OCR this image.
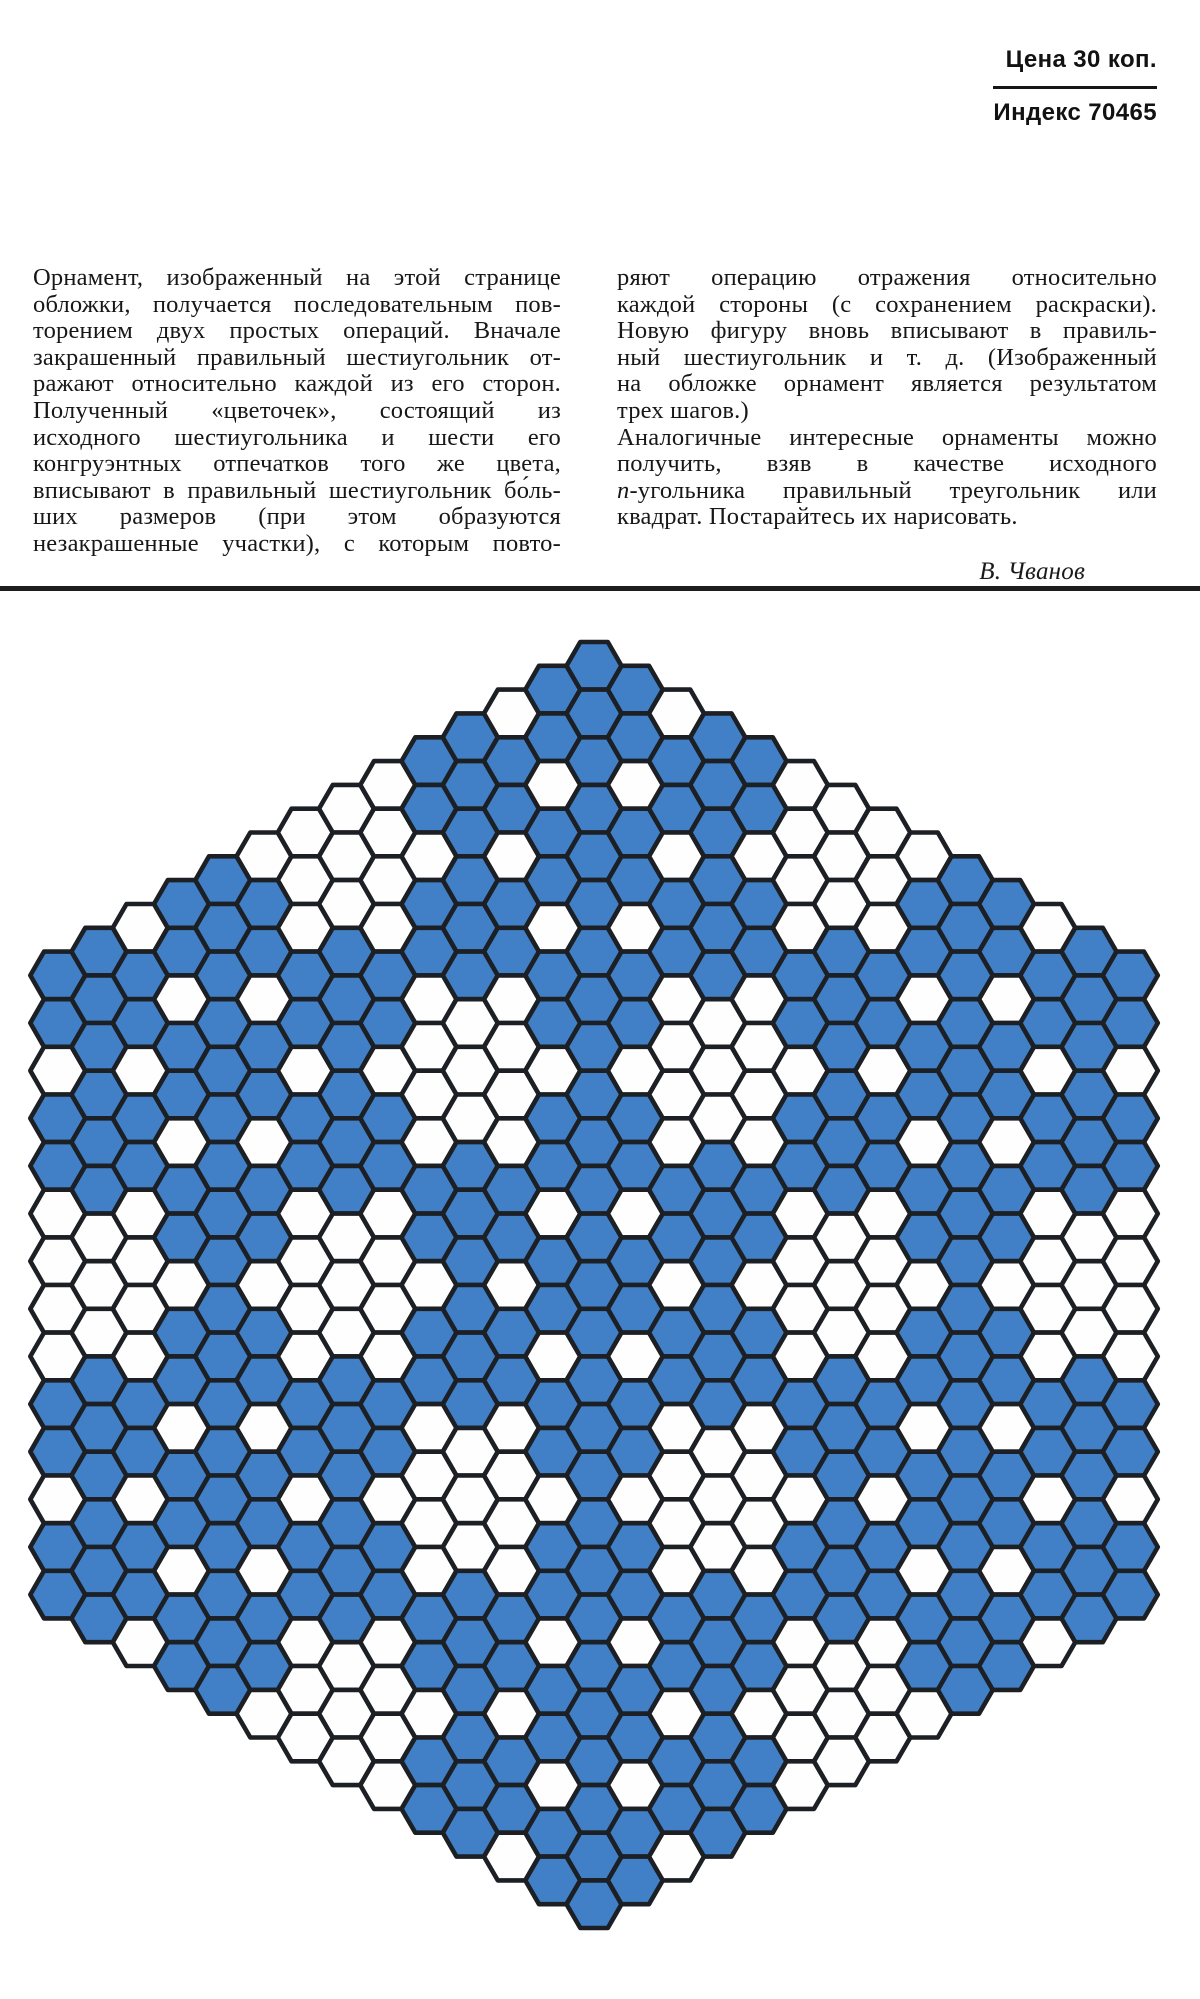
Цена 30 коп.
Индекс 70465
Орнамент, изображенный на этой странице
обложки, получается последовательным пов-
торением двух простых операций. Вначале
закрашенный правильный шестиугольник от-
ражают относительно каждой из его сторон.
Полученный «цветочек», состоящий из
исходного шестиугольника и шести его
конгруэнтных отпечатков того же цвета,
вписывают в правильный шестиугольник бо́ль-
ших размеров (при этом образуются
незакрашенные участки), с которым повто-
ряют операцию отражения относительно
каждой стороны (с сохранением раскраски).
Новую фигуру вновь вписывают в правиль-
ный шестиугольник и т. д. (Изображенный
на обложке орнамент является результатом
трех шагов.)
Аналогичные интересные орнаменты можно
получить, взяв в качестве исходного
n-угольника правильный треугольник или
квадрат. Постарайтесь их нарисовать.
В. Чванов
